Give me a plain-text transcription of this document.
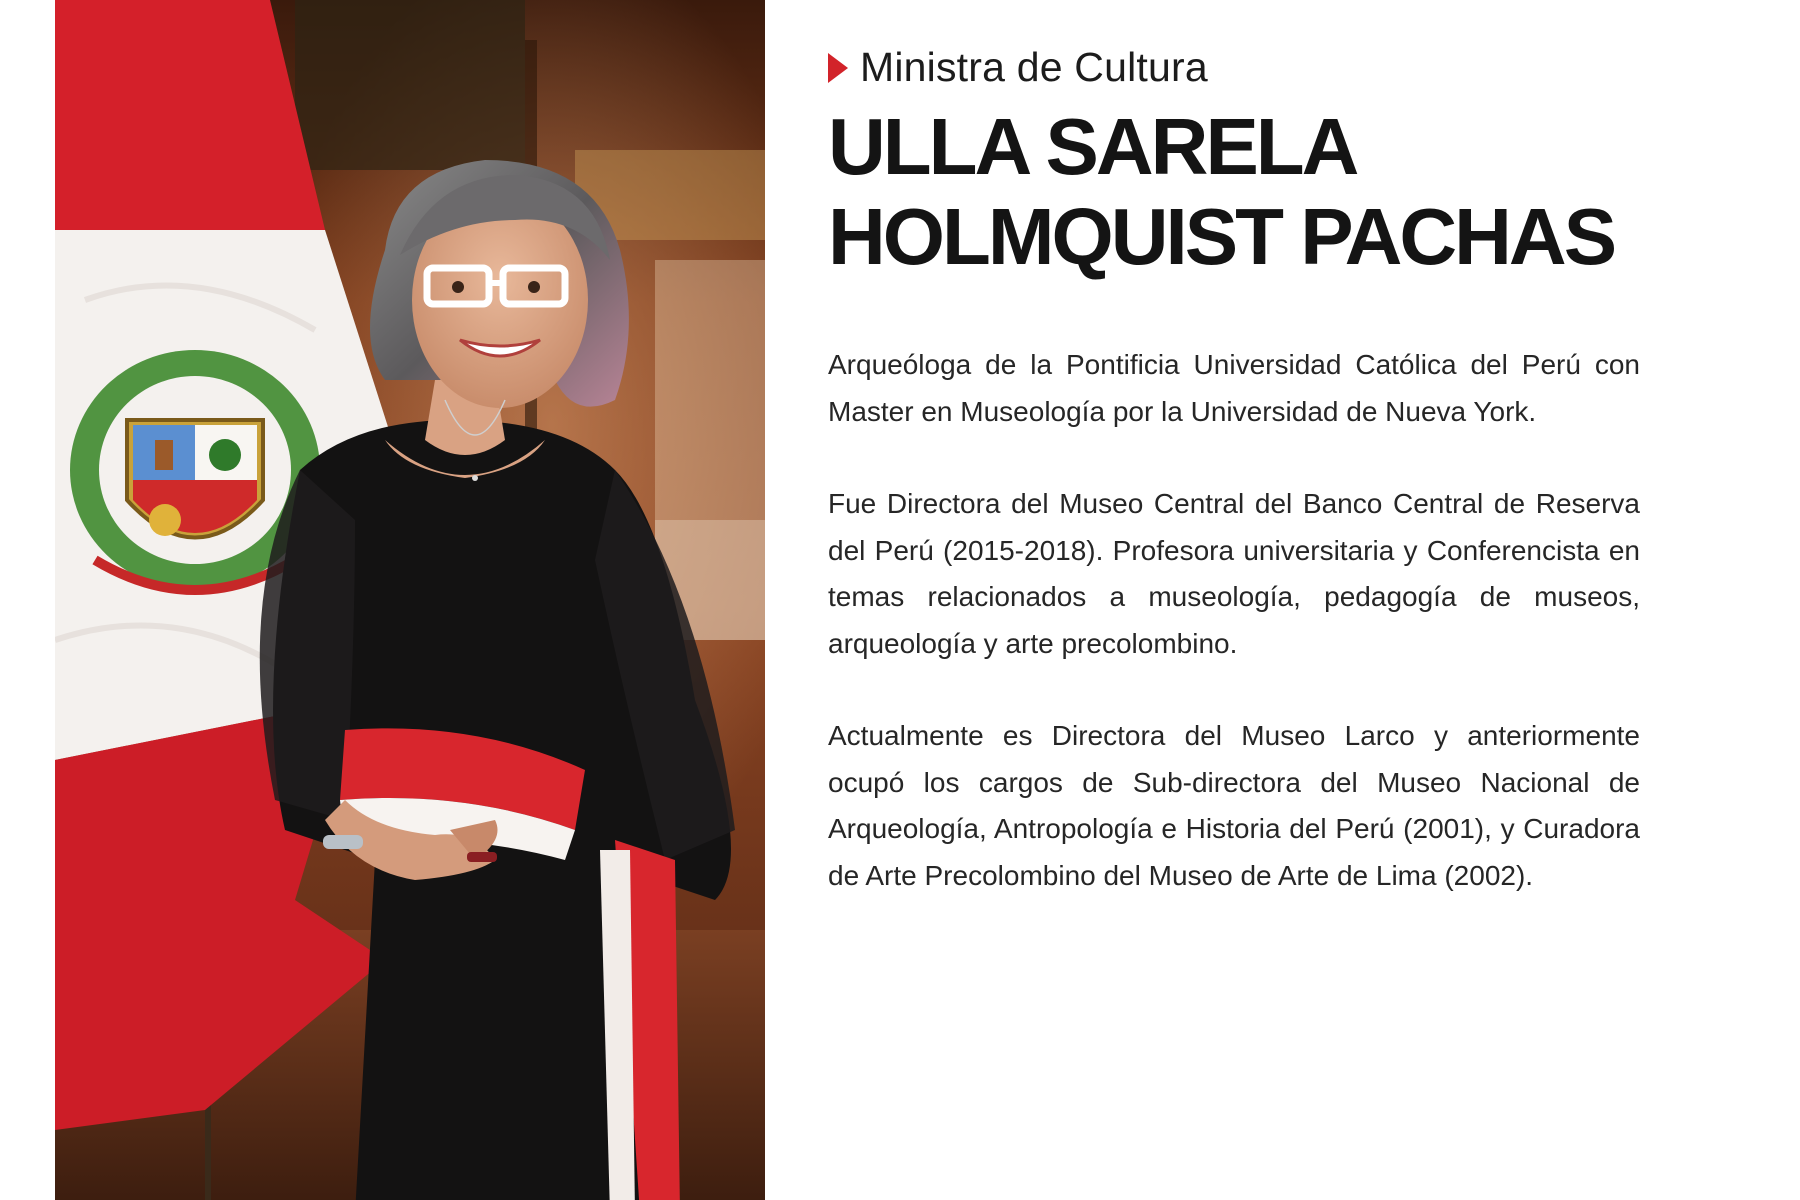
Ministra de Cultura
ULLA SARELA
HOLMQUIST PACHAS

Arqueóloga de la Pontificia Universidad Católica del Perú con Master en Museología por la Universidad de Nueva York.

Fue Directora del Museo Central del Banco Central de Reserva del Perú (2015-2018). Profesora universitaria y Conferencista en temas relacionados a museología, pedagogía de museos, arqueología y arte precolombino.

Actualmente es Directora del Museo Larco y anteriormente ocupó los cargos de Sub-directora del Museo Nacional de Arqueología, Antropología e Historia del Perú (2001), y Curadora de Arte Precolombino del Museo de Arte de Lima (2002).
